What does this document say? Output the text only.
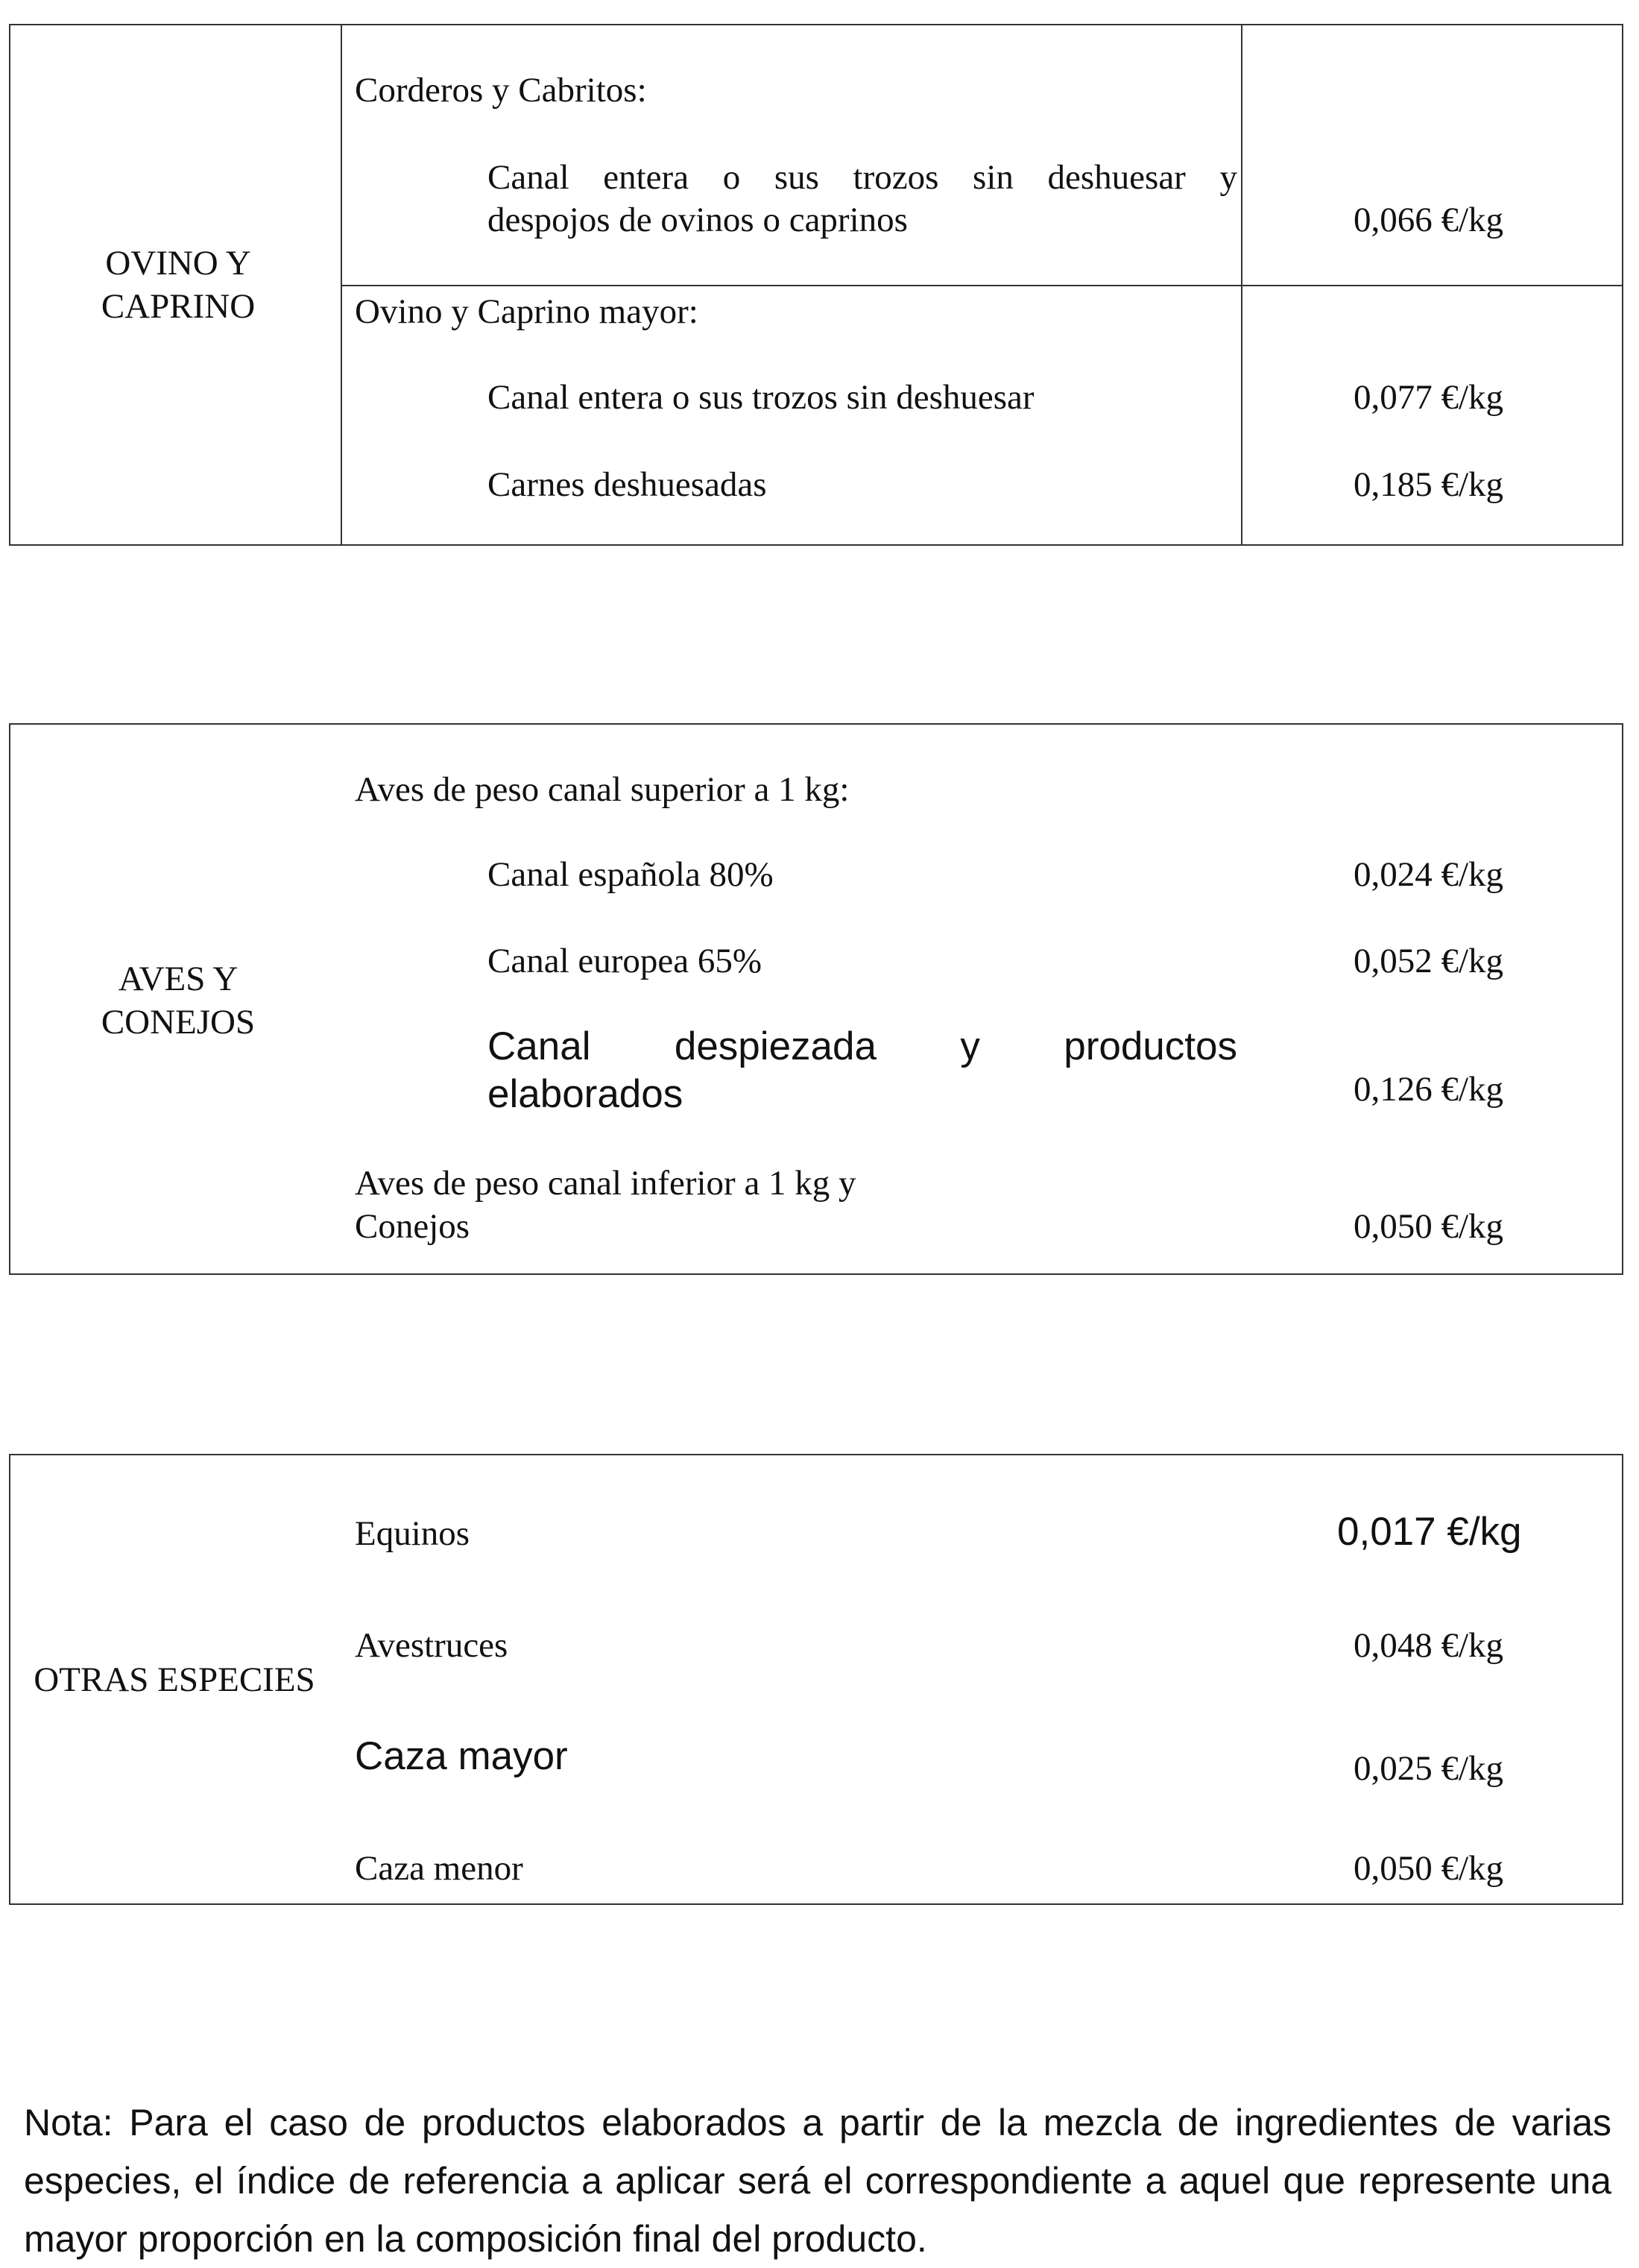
OVINO Y CAPRINO
Corderos y Cabritos:
Canal entera o sus trozos sin deshuesar y
despojos de ovinos o caprinos	0,066 €/kg
Ovino y Caprino mayor:
Canal entera o sus trozos sin deshuesar	0,077 €/kg
Carnes deshuesadas	0,185 €/kg
AVES Y CONEJOS
Aves de peso canal superior a 1 kg:
Canal española 80%	0,024 €/kg
Canal europea 65%	0,052 €/kg
Canal despiezada y productos
elaborados	0,126 €/kg
Aves de peso canal inferior a 1 kg y
Conejos	0,050 €/kg
OTRAS ESPECIES
Equinos	0,017 €/kg
Avestruces	0,048 €/kg
Caza mayor	0,025 €/kg
Caza menor	0,050 €/kg
Nota: Para el caso de productos elaborados a partir de la mezcla de ingredientes de varias especies, el índice de referencia a aplicar será el correspondiente a aquel que represente una mayor proporción en la composición final del producto.
